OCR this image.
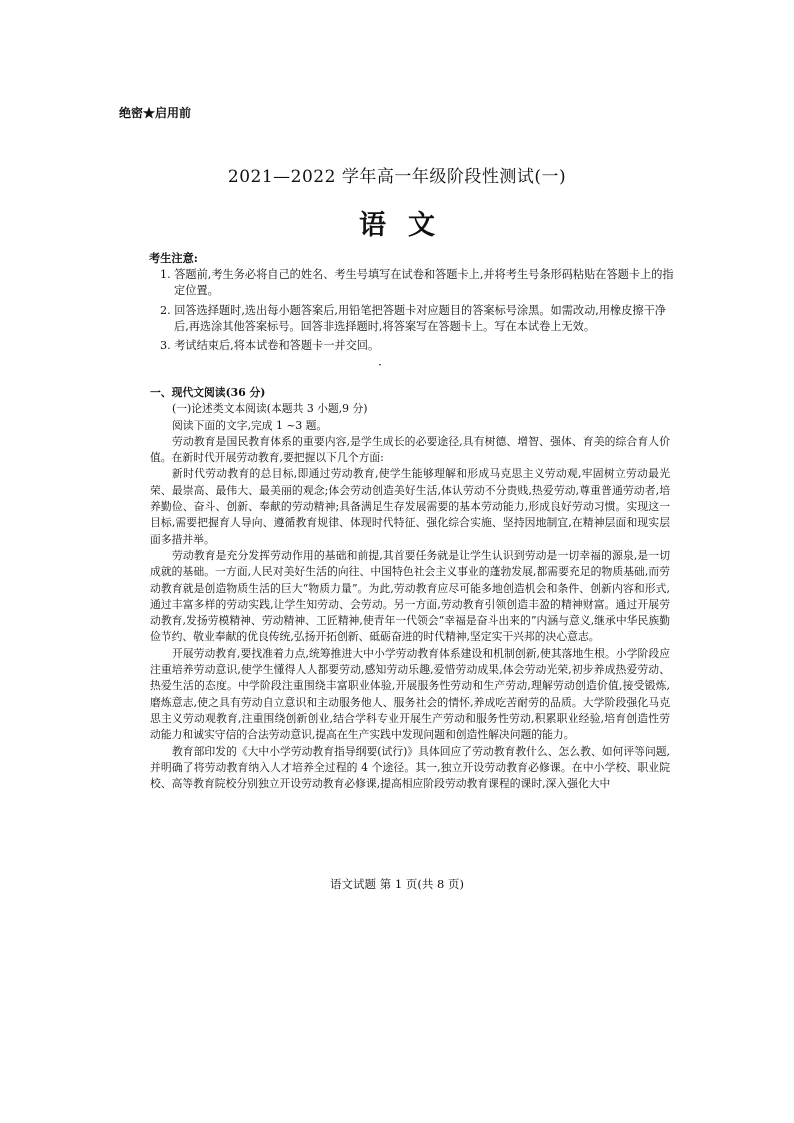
绝密★启用前
2021—2022 学年高一年级阶段性测试(一)
语文
考生注意:

1. 答题前,考生务必将自己的姓名、考生号填写在试卷和答题卡上,并将考生号条形码粘贴在答题卡上的指定位置。

2. 回答选择题时,选出每小题答案后,用铅笔把答题卡对应题目的答案标号涂黑。如需改动,用橡皮擦干净后,再选涂其他答案标号。回答非选择题时,将答案写在答题卡上。写在本试卷上无效。

3. 考试结束后,将本试卷和答题卡一并交回。

·
一、现代文阅读(36 分)
(一)论述类文本阅读(本题共 3 小题,9 分)
阅读下面的文字,完成 1 ~3 题。

劳动教育是国民教育体系的重要内容,是学生成长的必要途径,具有树德、增智、强体、育美的综合育人价值。在新时代开展劳动教育,要把握以下几个方面:

新时代劳动教育的总目标,即通过劳动教育,使学生能够理解和形成马克思主义劳动观,牢固树立劳动最光荣、最崇高、最伟大、最美丽的观念;体会劳动创造美好生活,体认劳动不分贵贱,热爱劳动,尊重普通劳动者,培养勤俭、奋斗、创新、奉献的劳动精神;具备满足生存发展需要的基本劳动能力,形成良好劳动习惯。实现这一目标,需要把握育人导向、遵循教育规律、体现时代特征、强化综合实施、坚持因地制宜,在精神层面和现实层面多措并举。

劳动教育是充分发挥劳动作用的基础和前提,其首要任务就是让学生认识到劳动是一切幸福的源泉,是一切成就的基础。一方面,人民对美好生活的向往、中国特色社会主义事业的蓬勃发展,都需要充足的物质基础,而劳动教育就是创造物质生活的巨大“物质力量”。为此,劳动教育应尽可能多地创造机会和条件、创新内容和形式,通过丰富多样的劳动实践,让学生知劳动、会劳动。另一方面,劳动教育引领创造丰盈的精神财富。通过开展劳动教育,发扬劳模精神、劳动精神、工匠精神,使青年一代领会“幸福是奋斗出来的”内涵与意义,继承中华民族勤俭节约、敬业奉献的优良传统,弘扬开拓创新、砥砺奋进的时代精神,坚定实干兴邦的决心意志。

开展劳动教育,要找准着力点,统筹推进大中小学劳动教育体系建设和机制创新,使其落地生根。小学阶段应注重培养劳动意识,使学生懂得人人都要劳动,感知劳动乐趣,爱惜劳动成果,体会劳动光荣,初步养成热爱劳动、热爱生活的态度。中学阶段注重围绕丰富职业体验,开展服务性劳动和生产劳动,理解劳动创造价值,接受锻炼,磨炼意志,使之具有劳动自立意识和主动服务他人、服务社会的情怀,养成吃苦耐劳的品质。大学阶段强化马克思主义劳动观教育,注重围绕创新创业,结合学科专业开展生产劳动和服务性劳动,积累职业经验,培育创造性劳动能力和诚实守信的合法劳动意识,提高在生产实践中发现问题和创造性解决问题的能力。

教育部印发的《大中小学劳动教育指导纲要(试行)》具体回应了劳动教育教什么、怎么教、如何评等问题,并明确了将劳动教育纳入人才培养全过程的 4 个途径。其一,独立开设劳动教育必修课。在中小学校、职业院校、高等教育院校分别独立开设劳动教育必修课,提高相应阶段劳动教育课程的课时,深入强化大中

语文试题 第 1 页(共 8 页)
